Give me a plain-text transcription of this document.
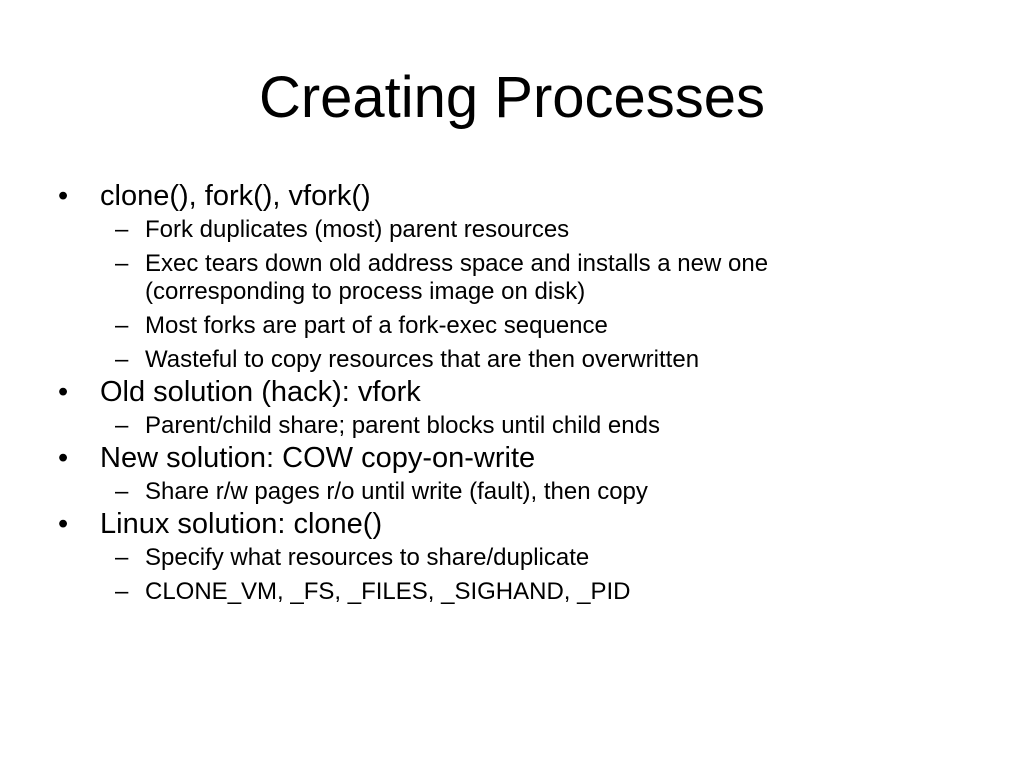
Creating Processes
•	clone(), fork(), vfork()
– Fork duplicates (most) parent resources
– Exec tears down old address space and installs a new one (corresponding to process image on disk)
– Most forks are part of a fork-exec sequence
– Wasteful to copy resources that are then overwritten
•	Old solution (hack): vfork
– Parent/child share; parent blocks until child ends
•	New solution: COW copy-on-write
– Share r/w pages r/o until write (fault), then copy
•	Linux solution: clone()
– Specify what resources to share/duplicate
– CLONE_VM, _FS, _FILES, _SIGHAND, _PID
